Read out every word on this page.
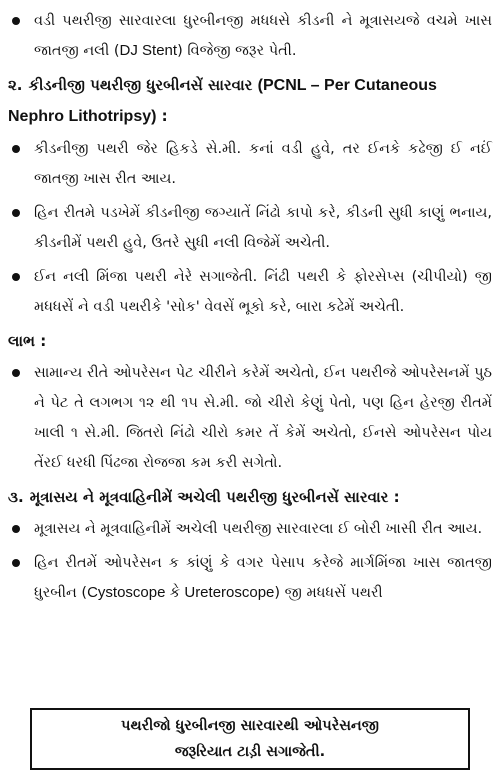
વડી પથરીજી સારવારલા ધુરબીનજી મધધસે કીડની ને મૂત્રાસયજે વચમે ખાસ જાતજી નલી (DJ Stent) વિજેજી જરૂર પેતી.
૨. કીડનીજી પથરીજી ધુરબીનસેં સારવાર (PCNL – Per Cutaneous Nephro Lithotripsy) :
કીડનીજી પથરી જેર હિકડે સે.મી. કનાં વડી હુવે, તર ઈનકે કઢેજી ઈ નઈં જાતજી ખાસ રીત આય.
હિન રીતમે પડખેમેં કીડનીજી જગ્યાતેં નિંઢો કાપો કરે, કીડની સુધી કાણું ભનાય, કીડનીમેં પથરી હુવે, ઉતરે સુધી નલી વિજેમેં અચેતી.
ઈન નલી મિંજા પથરી નેરે સગાજેતી. નિંઢી પથરી કે ફોરસેપ્સ (ચીપીયો) જી મધધસેં ને વડી પથરીકે 'સોક' વેવસેં ભૂકો કરે, બારા કઢેમેં અચેતી.
લાભ :
સામાન્ય રીતે ઓપરેસન પેટ ચીરીને કરેમેં અચેતો, ઈન પથરીજે ઓપરેસનમેં પુઠ ને પેટ તે લગભગ ૧૨ થી ૧૫ સે.મી. જો ચીરો કેણું પેતો, પણ હિન હેરજી રીતમેં ખાલી ૧ સે.મી. જિતરો નિંઢો ચીરો કમર તેં કેમેં અચેતો, ઈનસે ઓપરેસન પોય તેંરઈ ધરધી પિંઢજા રોજજા કમ કરી સગેતો.
૩. મૂત્રાસય ને મૂત્રવાહિનીમેં અચેલી પથરીજી ધુરબીનસેં સારવાર :
મૂત્રાસય ને મૂત્રવાહિનીમેં અચેલી પથરીજી સારવારલા ઈ બોરી ખાસી રીત આય.
હિન રીતમેં ઓપરેસન ક કાંણું કે વગર પેસાપ કરેજે માર્ગમિંજા ખાસ જાતજી ધુરબીન (Cystoscope કે Ureteroscope) જી મધધસેં પથરી
પથરીજો ધુરબીનજી સારવારથી ઓપરેસનજી
જરૂરિયાત ટાડ઼ી સગાજેતી.
